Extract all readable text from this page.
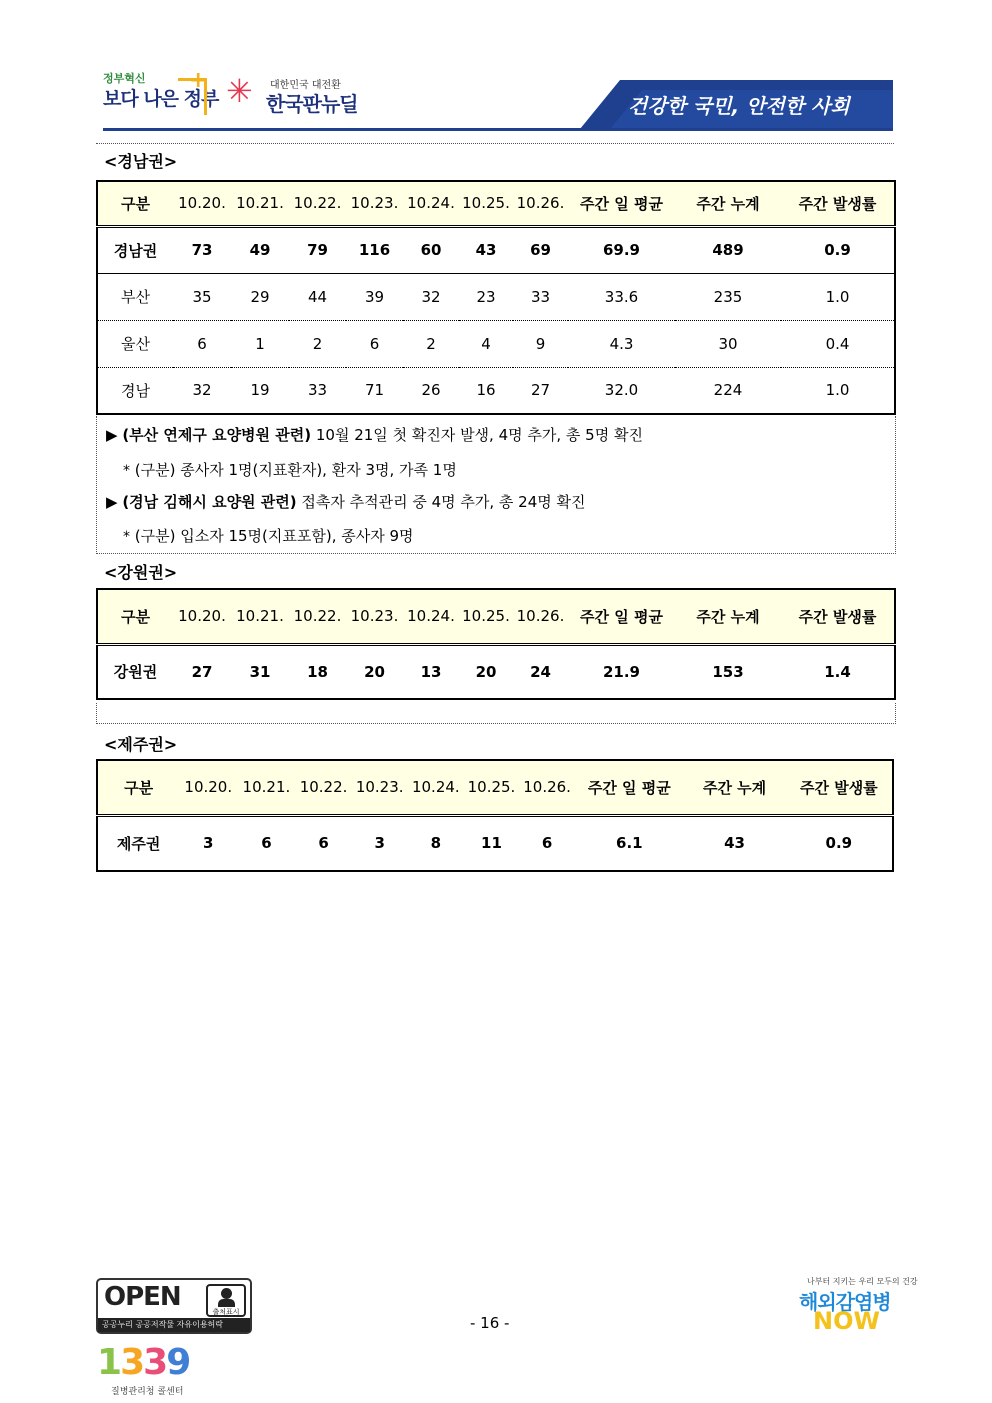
정부혁신
보다 나은 정부
+ ✳ 대한민국 대전환
한국판뉴딜	건강한 국민, 안전한 사회
<경남권>
구분	10.20.	10.21.	10.22.	10.23.	10.24.	10.25.	10.26.	주간 일 평균	주간 누계	주간 발생률
경남권	73	49	79	116	60	43	69	69.9	489	0.9
부산	35	29	44	39	32	23	33	33.6	235	1.0
울산	6	1	2	6	2	4	9	4.3	30	0.4
경남	32	19	33	71	26	16	27	32.0	224	1.0
▶ (부산 연제구 요양병원 관련) 10월 21일 첫 확진자 발생, 4명 추가, 총 5명 확진
* (구분) 종사자 1명(지표환자), 환자 3명, 가족 1명
▶ (경남 김해시 요양원 관련) 접촉자 추적관리 중 4명 추가, 총 24명 확진
* (구분) 입소자 15명(지표포함), 종사자 9명
<강원권>
구분	10.20.	10.21.	10.22.	10.23.	10.24.	10.25.	10.26.	주간 일 평균	주간 누계	주간 발생률
강원권	27	31	18	20	13	20	24	21.9	153	1.4
<제주권>
구분	10.20.	10.21.	10.22.	10.23.	10.24.	10.25.	10.26.	주간 일 평균	주간 누계	주간 발생률
제주권	3	6	6	3	8	11	6	6.1	43	0.9
OPEN	출처표시
공공누리 공공저작물 자유이용허락
1339
질병관리청 콜센터
- 16 -
나부터 지키는 우리 모두의 건강
해외감염병
NOW
